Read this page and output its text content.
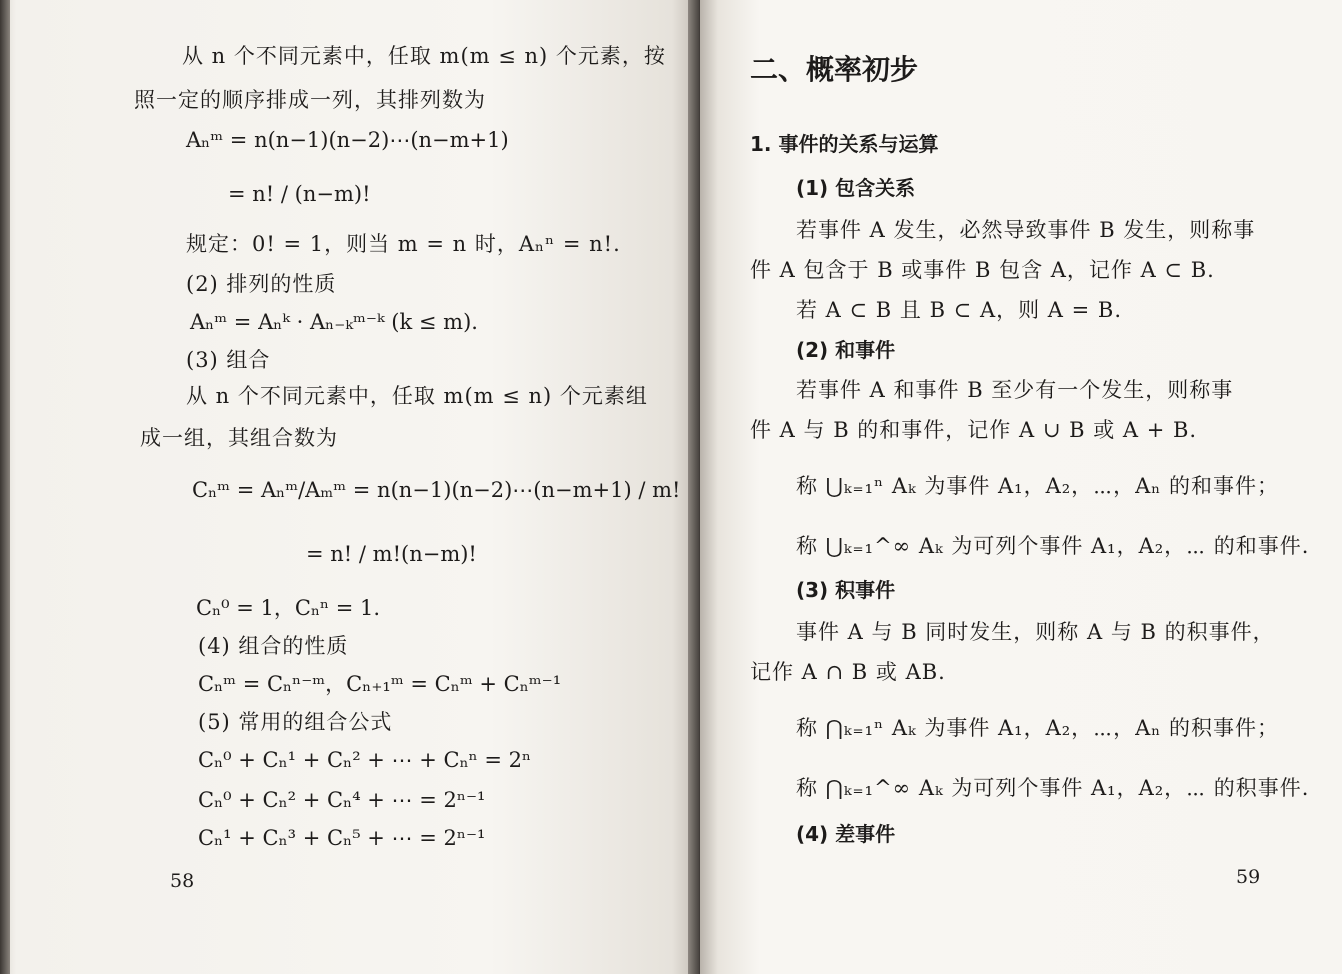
从 n 个不同元素中，任取 m(m ≤ n) 个元素，按
照一定的顺序排成一列，其排列数为
Aₙᵐ = n(n−1)(n−2)⋯(n−m+1)
= n! / (n−m)!
规定：0! = 1，则当 m = n 时，Aₙⁿ = n!.
(2) 排列的性质
Aₙᵐ = Aₙᵏ · Aₙ₋ₖᵐ⁻ᵏ (k ≤ m).
(3) 组合
从 n 个不同元素中，任取 m(m ≤ n) 个元素组
成一组，其组合数为
Cₙᵐ = Aₙᵐ/Aₘᵐ = n(n−1)(n−2)⋯(n−m+1) / m!
= n! / m!(n−m)!
Cₙ⁰ = 1，Cₙⁿ = 1.
(4) 组合的性质
Cₙᵐ = Cₙⁿ⁻ᵐ，Cₙ₊₁ᵐ = Cₙᵐ + Cₙᵐ⁻¹
(5) 常用的组合公式
Cₙ⁰ + Cₙ¹ + Cₙ² + ⋯ + Cₙⁿ = 2ⁿ
Cₙ⁰ + Cₙ² + Cₙ⁴ + ⋯ = 2ⁿ⁻¹
Cₙ¹ + Cₙ³ + Cₙ⁵ + ⋯ = 2ⁿ⁻¹
58
二、概率初步
1. 事件的关系与运算
(1) 包含关系
若事件 A 发生，必然导致事件 B 发生，则称事
件 A 包含于 B 或事件 B 包含 A，记作 A ⊂ B.
若 A ⊂ B 且 B ⊂ A，则 A = B.
(2) 和事件
若事件 A 和事件 B 至少有一个发生，则称事
件 A 与 B 的和事件，记作 A ∪ B 或 A + B.
称 ⋃ₖ₌₁ⁿ Aₖ 为事件 A₁，A₂，⋯，Aₙ 的和事件；
称 ⋃ₖ₌₁^∞ Aₖ 为可列个事件 A₁，A₂，⋯ 的和事件.
(3) 积事件
事件 A 与 B 同时发生，则称 A 与 B 的积事件，
记作 A ∩ B 或 AB.
称 ⋂ₖ₌₁ⁿ Aₖ 为事件 A₁，A₂，⋯，Aₙ 的积事件；
称 ⋂ₖ₌₁^∞ Aₖ 为可列个事件 A₁，A₂，⋯ 的积事件.
(4) 差事件
59
